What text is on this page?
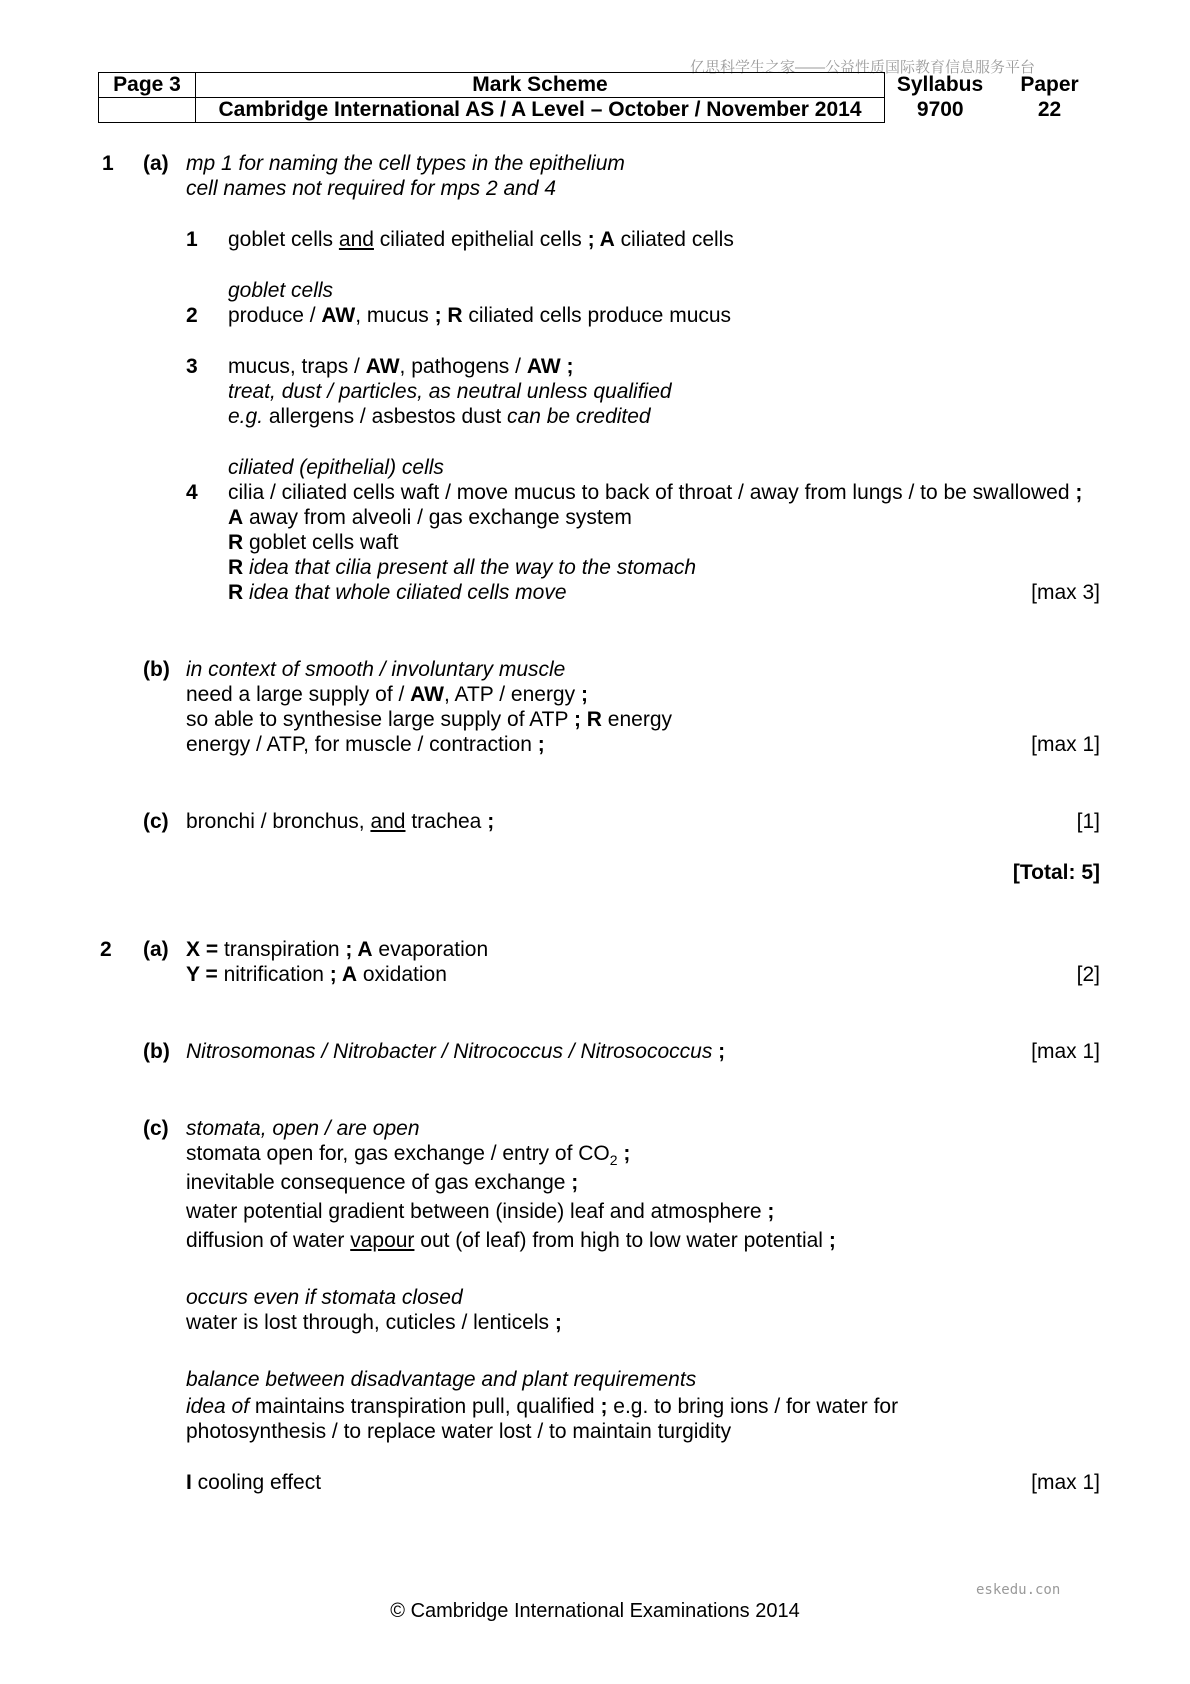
亿思科学生之家——公益性质国际教育信息服务平台
Page 3	Mark Scheme	Syllabus	Paper
	Cambridge International AS / A Level – October / November 2014	9700	22
1 (a) mp 1 for naming the cell types in the epithelium
cell names not required for mps 2 and 4
1 goblet cells and ciliated epithelial cells ; A ciliated cells
goblet cells
2 produce / AW, mucus ; R ciliated cells produce mucus
3 mucus, traps / AW, pathogens / AW ;
treat, dust / particles, as neutral unless qualified
e.g. allergens / asbestos dust can be credited
ciliated (epithelial) cells
4 cilia / ciliated cells waft / move mucus to back of throat / away from lungs / to be swallowed ;
A away from alveoli / gas exchange system
R goblet cells waft
R idea that cilia present all the way to the stomach
R idea that whole ciliated cells move	[max 3]
(b) in context of smooth / involuntary muscle
need a large supply of / AW, ATP / energy ;
so able to synthesise large supply of ATP ; R energy
energy / ATP, for muscle / contraction ;	[max 1]
(c) bronchi / bronchus, and trachea ;	[1]
[Total: 5]
2 (a) X = transpiration ; A evaporation
Y = nitrification ; A oxidation	[2]
(b) Nitrosomonas / Nitrobacter / Nitrococcus / Nitrosococcus ;	[max 1]
(c) stomata, open / are open
stomata open for, gas exchange / entry of $CO_2$ ;
inevitable consequence of gas exchange ;
water potential gradient between (inside) leaf and atmosphere ;
diffusion of water vapour out (of leaf) from high to low water potential ;
occurs even if stomata closed
water is lost through, cuticles / lenticels ;
balance between disadvantage and plant requirements
idea of maintains transpiration pull, qualified ; e.g. to bring ions / for water for
photosynthesis / to replace water lost / to maintain turgidity
I cooling effect	[max 1]
eskedu.con
© Cambridge International Examinations 2014
